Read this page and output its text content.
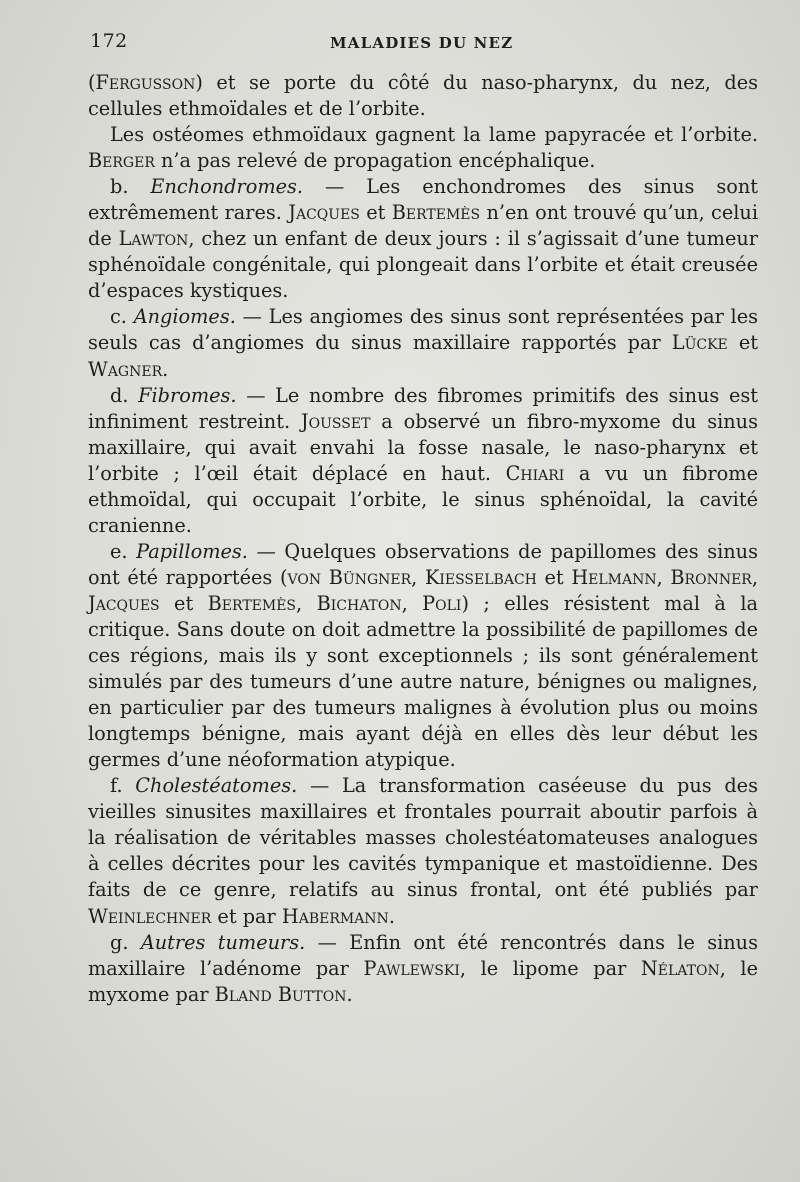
172	MALADIES DU NEZ

(Fergusson) et se porte du côté du naso-pharynx, du nez, des cellules ethmoïdales et de l’orbite.

Les ostéomes ethmoïdaux gagnent la lame papyracée et l’orbite. Berger n’a pas relevé de propagation encéphalique.

b. Enchondromes. — Les enchondromes des sinus sont extrêmement rares. Jacques et Bertemès n’en ont trouvé qu’un, celui de Lawton, chez un enfant de deux jours : il s’agissait d’une tumeur sphénoïdale congénitale, qui plongeait dans l’orbite et était creusée d’espaces kystiques.

c. Angiomes. — Les angiomes des sinus sont représentées par les seuls cas d’angiomes du sinus maxillaire rapportés par Lücke et Wagner.

d. Fibromes. — Le nombre des fibromes primitifs des sinus est infiniment restreint. Jousset a observé un fibro-myxome du sinus maxillaire, qui avait envahi la fosse nasale, le naso-pharynx et l’orbite ; l’œil était déplacé en haut. Chiari a vu un fibrome ethmoïdal, qui occupait l’orbite, le sinus sphénoïdal, la cavité cranienne.

e. Papillomes. — Quelques observations de papillomes des sinus ont été rapportées (von Büngner, Kiesselbach et Helmann, Bronner, Jacques et Bertemès, Bichaton, Poli) ; elles résistent mal à la critique. Sans doute on doit admettre la possibilité de papillomes de ces régions, mais ils y sont exceptionnels ; ils sont généralement simulés par des tumeurs d’une autre nature, bénignes ou malignes, en particulier par des tumeurs malignes à évolution plus ou moins longtemps bénigne, mais ayant déjà en elles dès leur début les germes d’une néoformation atypique.

f. Cholestéatomes. — La transformation caséeuse du pus des vieilles sinusites maxillaires et frontales pourrait aboutir parfois à la réalisation de véritables masses cholestéatomateuses analogues à celles décrites pour les cavités tympanique et mastoïdienne. Des faits de ce genre, relatifs au sinus frontal, ont été publiés par Weinlechner et par Habermann.

g. Autres tumeurs. — Enfin ont été rencontrés dans le sinus maxillaire l’adénome par Pawlewski, le lipome par Nélaton, le myxome par Bland Button.
